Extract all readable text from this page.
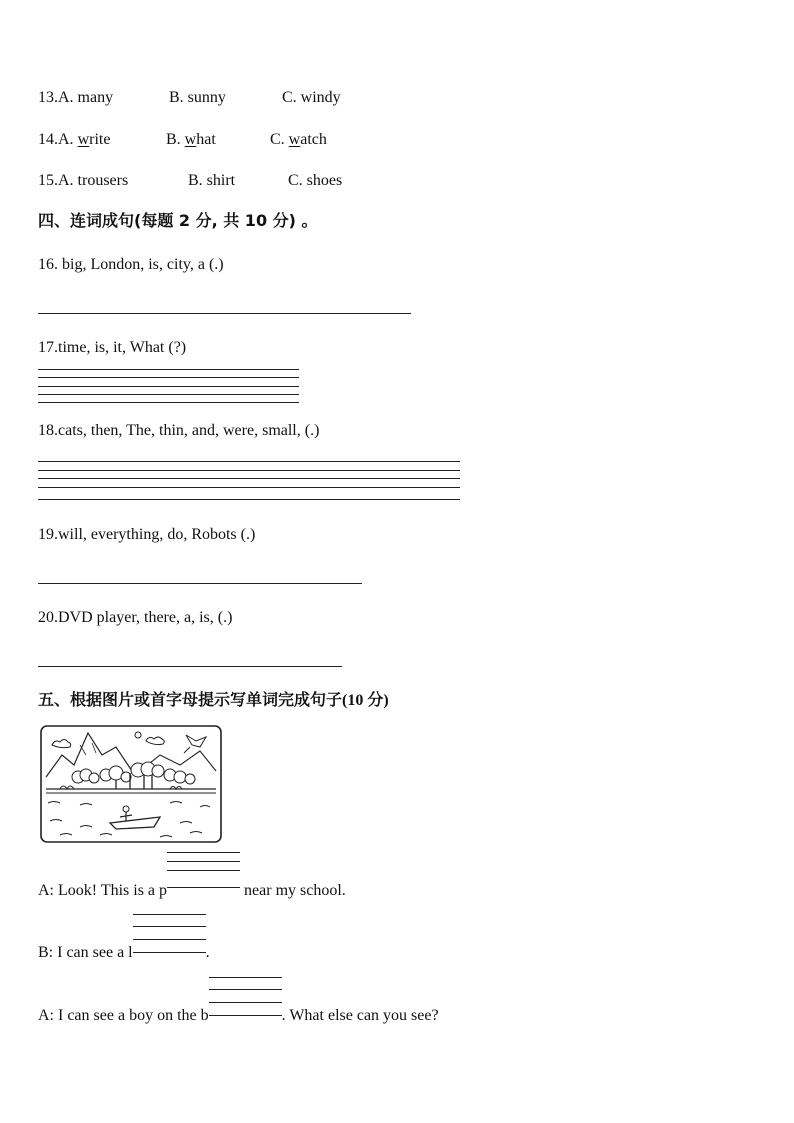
13.A. many	B. sunny	C. windy
14.A. write	B. what	C. watch
15.A. trousers	B. shirt	C. shoes
四、连词成句(每题 2 分, 共 10 分) 。
16. big, London, is, city, a (.)
17.time, is, it, What (?)
18.cats, then, The, thin, and, were, small, (.)
19.will, everything, do, Robots (.)
20.DVD player, there, a, is, (.)
五、根据图片或首字母提示写单词完成句子(10 分)
A: Look! This is a p	near my school.
B: I can see a l	.
A: I can see a boy on the b	. What else can you see?
